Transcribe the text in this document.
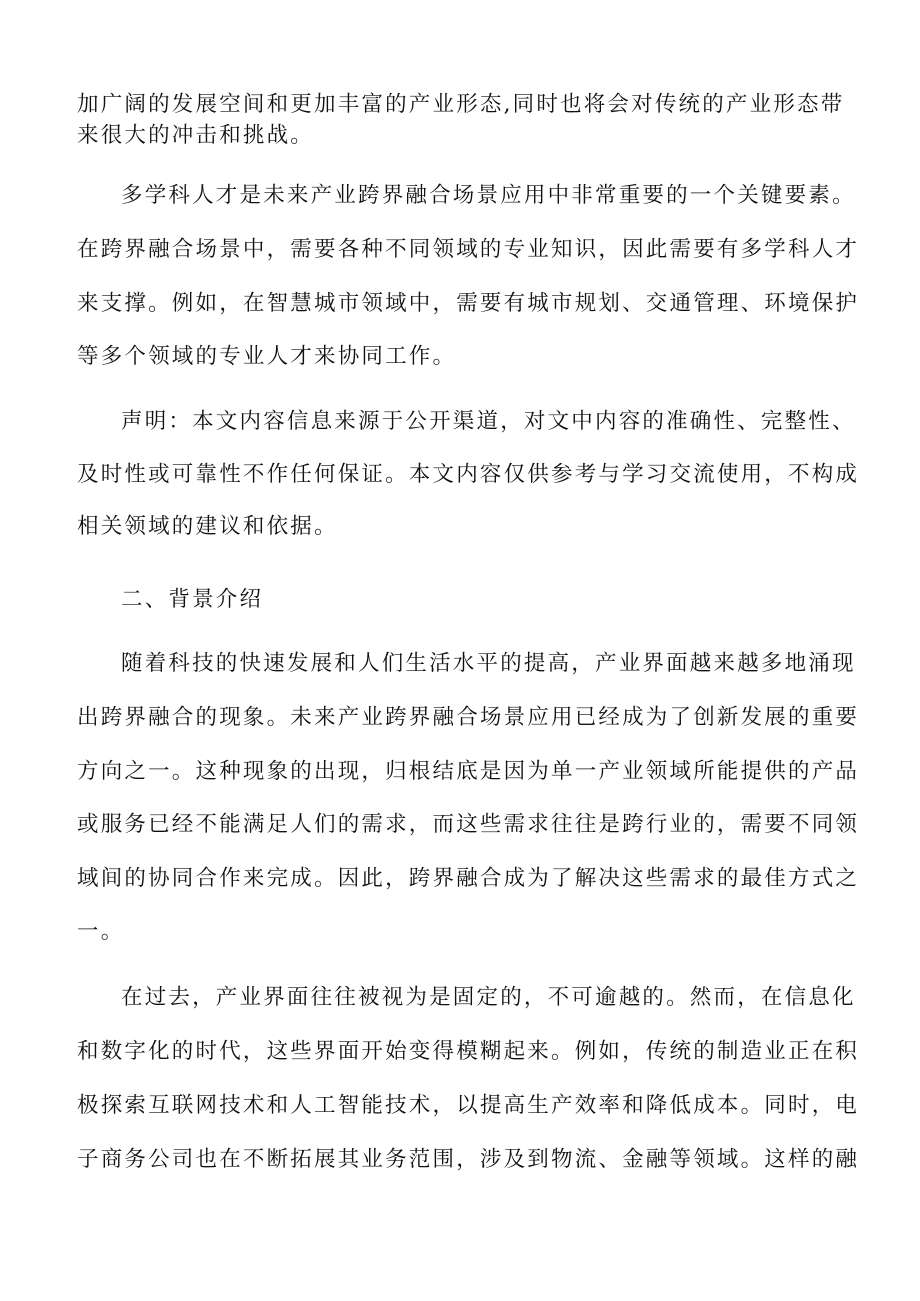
加广阔的发展空间和更加丰富的产业形态,同时也将会对传统的产业形态带
来很大的冲击和挑战。
多学科人才是未来产业跨界融合场景应用中非常重要的一个关键要素。
在跨界融合场景中，需要各种不同领域的专业知识，因此需要有多学科人才
来支撑。例如，在智慧城市领域中，需要有城市规划、交通管理、环境保护
等多个领域的专业人才来协同工作。
声明：本文内容信息来源于公开渠道，对文中内容的准确性、完整性、
及时性或可靠性不作任何保证。本文内容仅供参考与学习交流使用，不构成
相关领域的建议和依据。
二、背景介绍
随着科技的快速发展和人们生活水平的提高，产业界面越来越多地涌现
出跨界融合的现象。未来产业跨界融合场景应用已经成为了创新发展的重要
方向之一。这种现象的出现，归根结底是因为单一产业领域所能提供的产品
或服务已经不能满足人们的需求，而这些需求往往是跨行业的，需要不同领
域间的协同合作来完成。因此，跨界融合成为了解决这些需求的最佳方式之
一。
在过去，产业界面往往被视为是固定的，不可逾越的。然而，在信息化
和数字化的时代，这些界面开始变得模糊起来。例如，传统的制造业正在积
极探索互联网技术和人工智能技术，以提高生产效率和降低成本。同时，电
子商务公司也在不断拓展其业务范围，涉及到物流、金融等领域。这样的融
